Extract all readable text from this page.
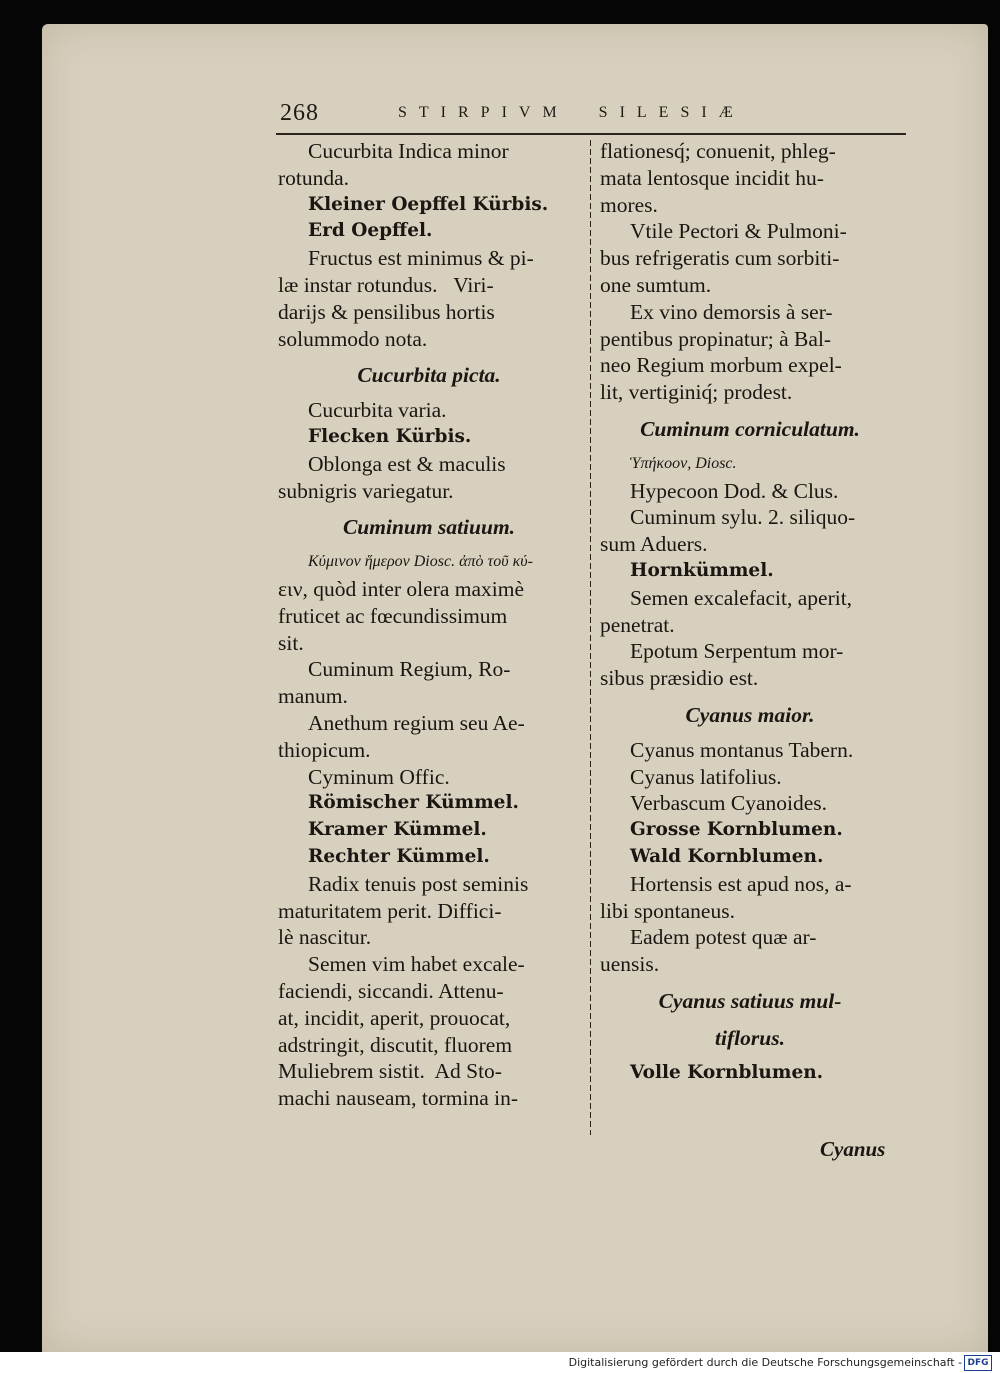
268	STIRPIVM SILESIÆ

Cucurbita Indica minor

rotunda.

Kleiner Oepffel Kürbis.

Erd Oepffel.

Fructus est minimus & pi-

læ instar rotundus.   Viri-

darijs & pensilibus hortis

solummodo nota.

Cucurbita picta.

Cucurbita varia.

Flecken Kürbis.

Oblonga est & maculis

subnigris variegatur.

Cuminum satiuum.

Κύμινον ἥμερον Diosc. ἀπὸ τοῦ κύ-

ειν, quòd inter olera maximè

fruticet ac fœcundissimum

sit.

Cuminum Regium, Ro-

manum.

Anethum regium seu Ae-

thiopicum.

Cyminum Offic.

Römischer Kümmel.

Kramer Kümmel.

Rechter Kümmel.

Radix tenuis post seminis

maturitatem perit. Diffici-

lè nascitur.

Semen vim habet excale-

faciendi, siccandi. Attenu-

at, incidit, aperit, prouocat,

adstringit, discutit, fluorem

Muliebrem sistit.  Ad Sto-

machi nauseam, tormina in-

flationesq́; conuenit, phleg-

mata lentosque incidit hu-

mores.

Vtile Pectori & Pulmoni-

bus refrigeratis cum sorbiti-

one sumtum.

Ex vino demorsis à ser-

pentibus propinatur; à Bal-

neo Regium morbum expel-

lit, vertiginiq́; prodest.

Cuminum corniculatum.

Ὑπήκοον, Diosc.

Hypecoon Dod. & Clus.

Cuminum sylu. 2. siliquo-

sum Aduers.

Hornkümmel.

Semen excalefacit, aperit,

penetrat.

Epotum Serpentum mor-

sibus præsidio est.

Cyanus maior.

Cyanus montanus Tabern.

Cyanus latifolius.

Verbascum Cyanoides.

Grosse Kornblumen.

Wald Kornblumen.

Hortensis est apud nos, a-

libi spontaneus.

Eadem potest quæ ar-

uensis.

Cyanus satiuus mul-

tiflorus.

Volle Kornblumen.

Cyanus
Digitalisierung gefördert durch die Deutsche Forschungsgemeinschaft - DFG
